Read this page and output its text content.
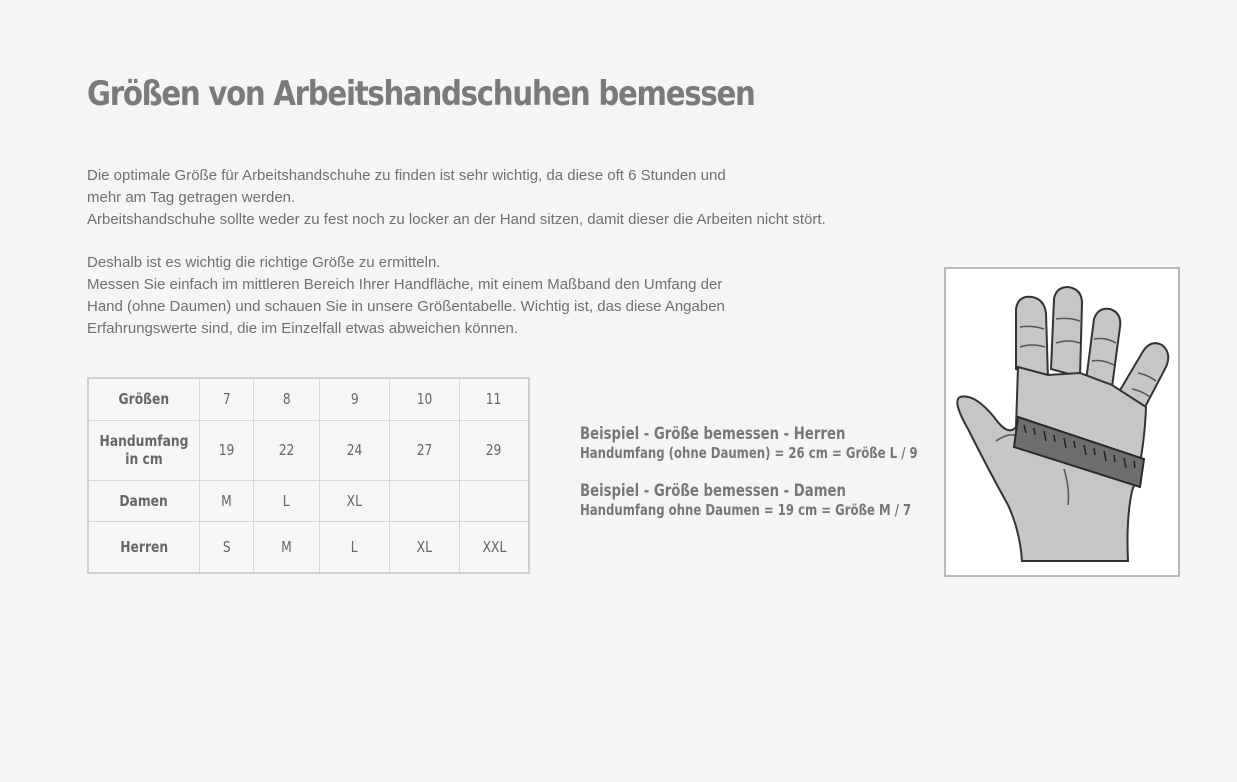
Größen von Arbeitshandschuhen bemessen

Die optimale Größe für Arbeitshandschuhe zu finden ist sehr wichtig, da diese oft 6 Stunden und
mehr am Tag getragen werden.
Arbeitshandschuhe sollte weder zu fest noch zu locker an der Hand sitzen, damit dieser die Arbeiten nicht stört.

Deshalb ist es wichtig die richtige Größe zu ermitteln.
Messen Sie einfach im mittleren Bereich Ihrer Handfläche, mit einem Maßband den Umfang der
Hand (ohne Daumen) und schauen Sie in unsere Größentabelle. Wichtig ist, das diese Angaben
Erfahrungswerte sind, die im Einzelfall etwas abweichen können.

Größen	7	8	9	10	11
Handumfang in cm	19	22	24	27	29
Damen	M	L	XL		
Herren	S	M	L	XL	XXL
Beispiel - Größe bemessen - Herren
Handumfang (ohne Daumen) = 26 cm = Größe L / 9
Beispiel - Größe bemessen - Damen
Handumfang ohne Daumen = 19 cm = Größe M / 7
